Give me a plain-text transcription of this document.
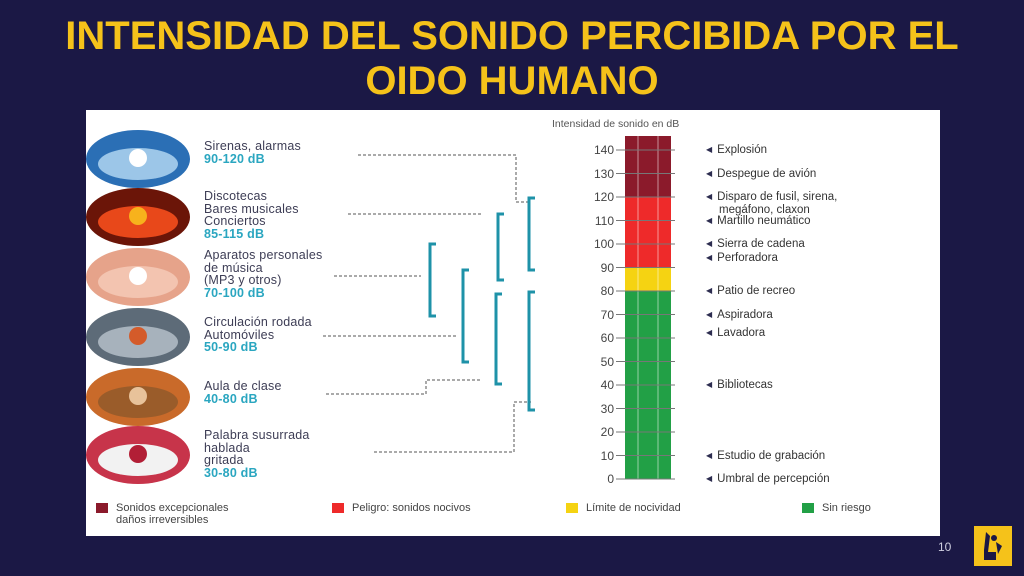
INTENSIDAD DEL SONIDO PERCIBIDA POR EL
OIDO HUMANO
Intensidad de sonido en dB
140
130
120
110
100
90
80
70
60
50
40
30
20
10
0
◀ Explosión
◀ Despegue de avión
◀ Disparo de fusil, sirena,
megáfono, claxon
◀ Martillo neumático
◀ Sierra de cadena
◀ Perforadora
◀ Patio de recreo
◀ Aspiradora
◀ Lavadora
◀ Bibliotecas
◀ Estudio de grabación
◀ Umbral de percepción
Sirenas, alarmas
90-120 dB
Discotecas
Bares musicales
Conciertos
85-115 dB
Aparatos personales
de música
(MP3 y otros)
70-100 dB
Circulación rodada
Automóviles
50-90 dB
Aula de clase
40-80 dB
Palabra susurrada
hablada
gritada
30-80 dB
Sonidos excepcionales
daños irreversibles
Peligro: sonidos nocivos	Límite de nocividad	Sin riesgo
10
